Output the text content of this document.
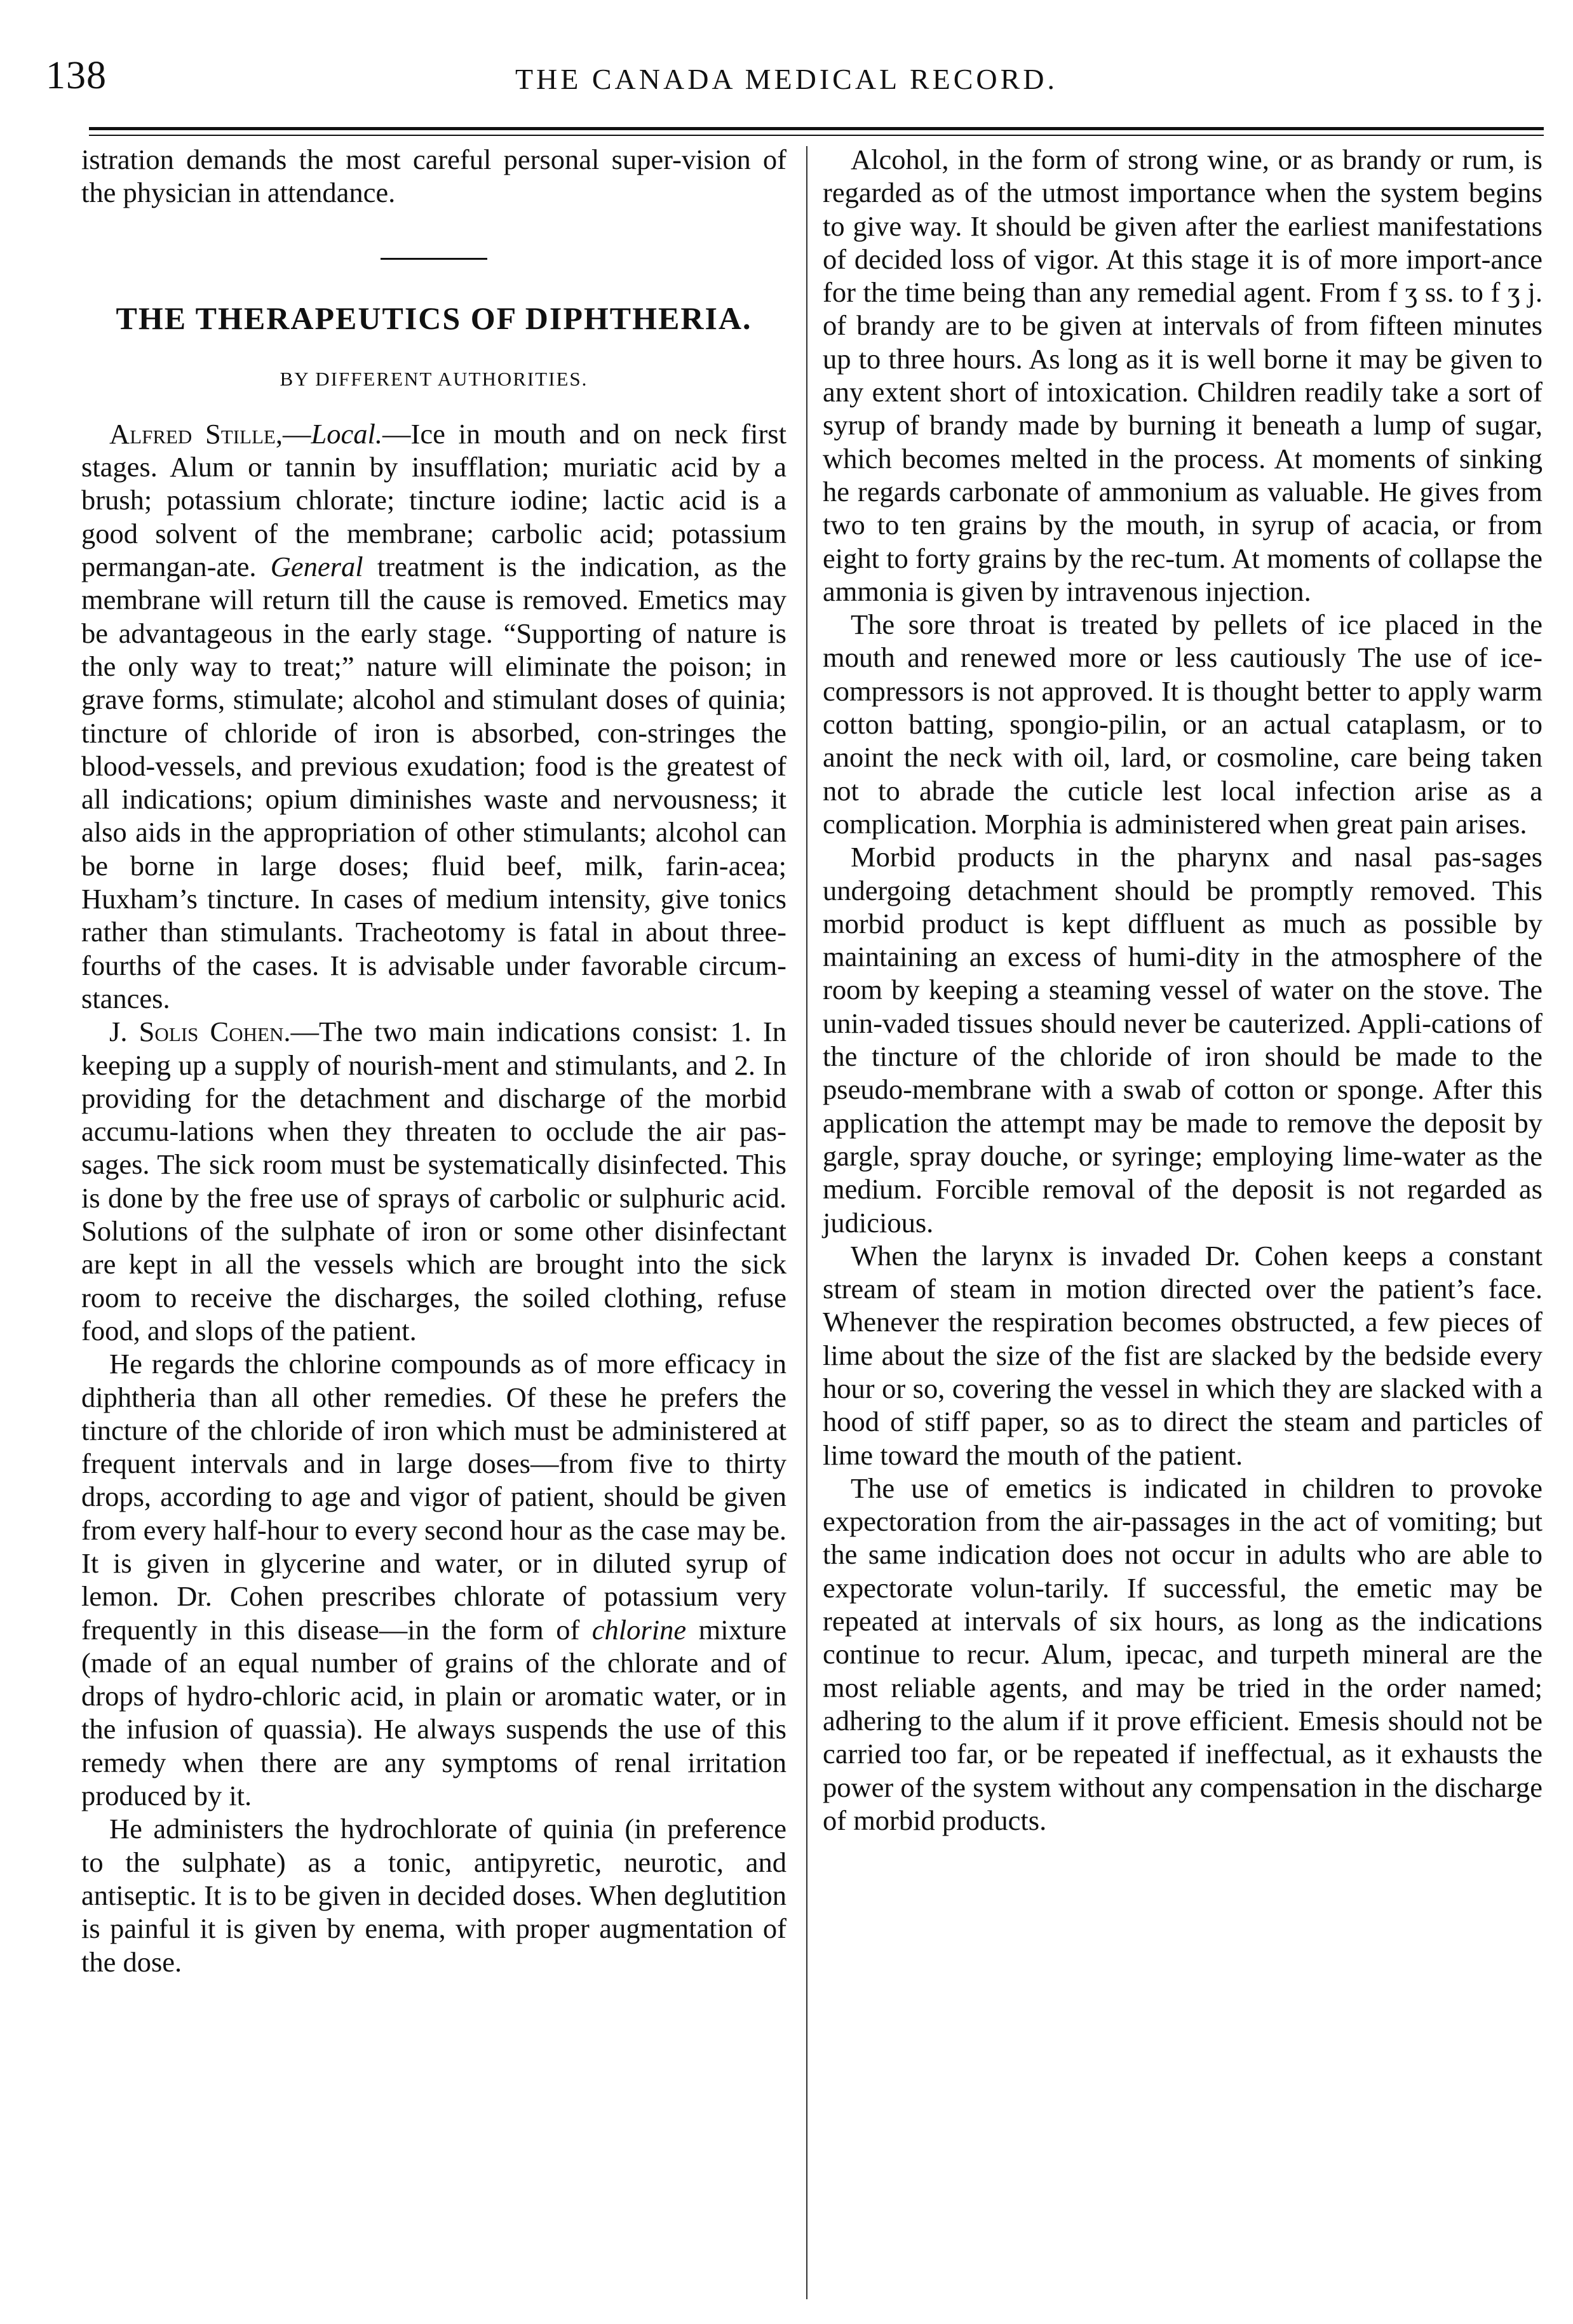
138	THE CANADA MEDICAL RECORD.

istration demands the most careful personal super-vision of the physician in attendance.

THE THERAPEUTICS OF DIPHTHERIA.
BY DIFFERENT AUTHORITIES.

Alfred Stille,—Local.—Ice in mouth and on neck first stages. Alum or tannin by insufflation; muriatic acid by a brush; potassium chlorate; tincture iodine; lactic acid is a good solvent of the membrane; carbolic acid; potassium permangan-ate. General treatment is the indication, as the membrane will return till the cause is removed. Emetics may be advantageous in the early stage. “Supporting of nature is the only way to treat;” nature will eliminate the poison; in grave forms, stimulate; alcohol and stimulant doses of quinia; tincture of chloride of iron is absorbed, con-stringes the blood-vessels, and previous exudation; food is the greatest of all indications; opium diminishes waste and nervousness; it also aids in the appropriation of other stimulants; alcohol can be borne in large doses; fluid beef, milk, farin-acea; Huxham’s tincture. In cases of medium intensity, give tonics rather than stimulants. Tracheotomy is fatal in about three-fourths of the cases. It is advisable under favorable circum-stances.

J. Solis Cohen.—The two main indications consist: 1. In keeping up a supply of nourish-ment and stimulants, and 2. In providing for the detachment and discharge of the morbid accumu-lations when they threaten to occlude the air pas-sages. The sick room must be systematically disinfected. This is done by the free use of sprays of carbolic or sulphuric acid. Solutions of the sulphate of iron or some other disinfectant are kept in all the vessels which are brought into the sick room to receive the discharges, the soiled clothing, refuse food, and slops of the patient.

He regards the chlorine compounds as of more efficacy in diphtheria than all other remedies. Of these he prefers the tincture of the chloride of iron which must be administered at frequent intervals and in large doses—from five to thirty drops, according to age and vigor of patient, should be given from every half-hour to every second hour as the case may be. It is given in glycerine and water, or in diluted syrup of lemon. Dr. Cohen prescribes chlorate of potassium very frequently in this disease—in the form of chlorine mixture (made of an equal number of grains of the chlorate and of drops of hydro-chloric acid, in plain or aromatic water, or in the infusion of quassia). He always suspends the use of this remedy when there are any symptoms of renal irritation produced by it.

He administers the hydrochlorate of quinia (in preference to the sulphate) as a tonic, antipyretic, neurotic, and antiseptic. It is to be given in decided doses. When deglutition is painful it is given by enema, with proper augmentation of the dose.

Alcohol, in the form of strong wine, or as brandy or rum, is regarded as of the utmost importance when the system begins to give way. It should be given after the earliest manifestations of decided loss of vigor. At this stage it is of more import-ance for the time being than any remedial agent. From f ʒ ss. to f ʒ j. of brandy are to be given at intervals of from fifteen minutes up to three hours. As long as it is well borne it may be given to any extent short of intoxication. Children readily take a sort of syrup of brandy made by burning it beneath a lump of sugar, which becomes melted in the process. At moments of sinking he regards carbonate of ammonium as valuable. He gives from two to ten grains by the mouth, in syrup of acacia, or from eight to forty grains by the rec-tum. At moments of collapse the ammonia is given by intravenous injection.

The sore throat is treated by pellets of ice placed in the mouth and renewed more or less cautiously The use of ice-compressors is not approved. It is thought better to apply warm cotton batting, spongio-pilin, or an actual cataplasm, or to anoint the neck with oil, lard, or cosmoline, care being taken not to abrade the cuticle lest local infection arise as a complication. Morphia is administered when great pain arises.

Morbid products in the pharynx and nasal pas-sages undergoing detachment should be promptly removed. This morbid product is kept diffluent as much as possible by maintaining an excess of humi-dity in the atmosphere of the room by keeping a steaming vessel of water on the stove. The unin-vaded tissues should never be cauterized. Appli-cations of the tincture of the chloride of iron should be made to the pseudo-membrane with a swab of cotton or sponge. After this application the attempt may be made to remove the deposit by gargle, spray douche, or syringe; employing lime-water as the medium. Forcible removal of the deposit is not regarded as judicious.

When the larynx is invaded Dr. Cohen keeps a constant stream of steam in motion directed over the patient’s face. Whenever the respiration becomes obstructed, a few pieces of lime about the size of the fist are slacked by the bedside every hour or so, covering the vessel in which they are slacked with a hood of stiff paper, so as to direct the steam and particles of lime toward the mouth of the patient.

The use of emetics is indicated in children to provoke expectoration from the air-passages in the act of vomiting; but the same indication does not occur in adults who are able to expectorate volun-tarily. If successful, the emetic may be repeated at intervals of six hours, as long as the indications continue to recur. Alum, ipecac, and turpeth mineral are the most reliable agents, and may be tried in the order named; adhering to the alum if it prove efficient. Emesis should not be carried too far, or be repeated if ineffectual, as it exhausts the power of the system without any compensation in the discharge of morbid products.
